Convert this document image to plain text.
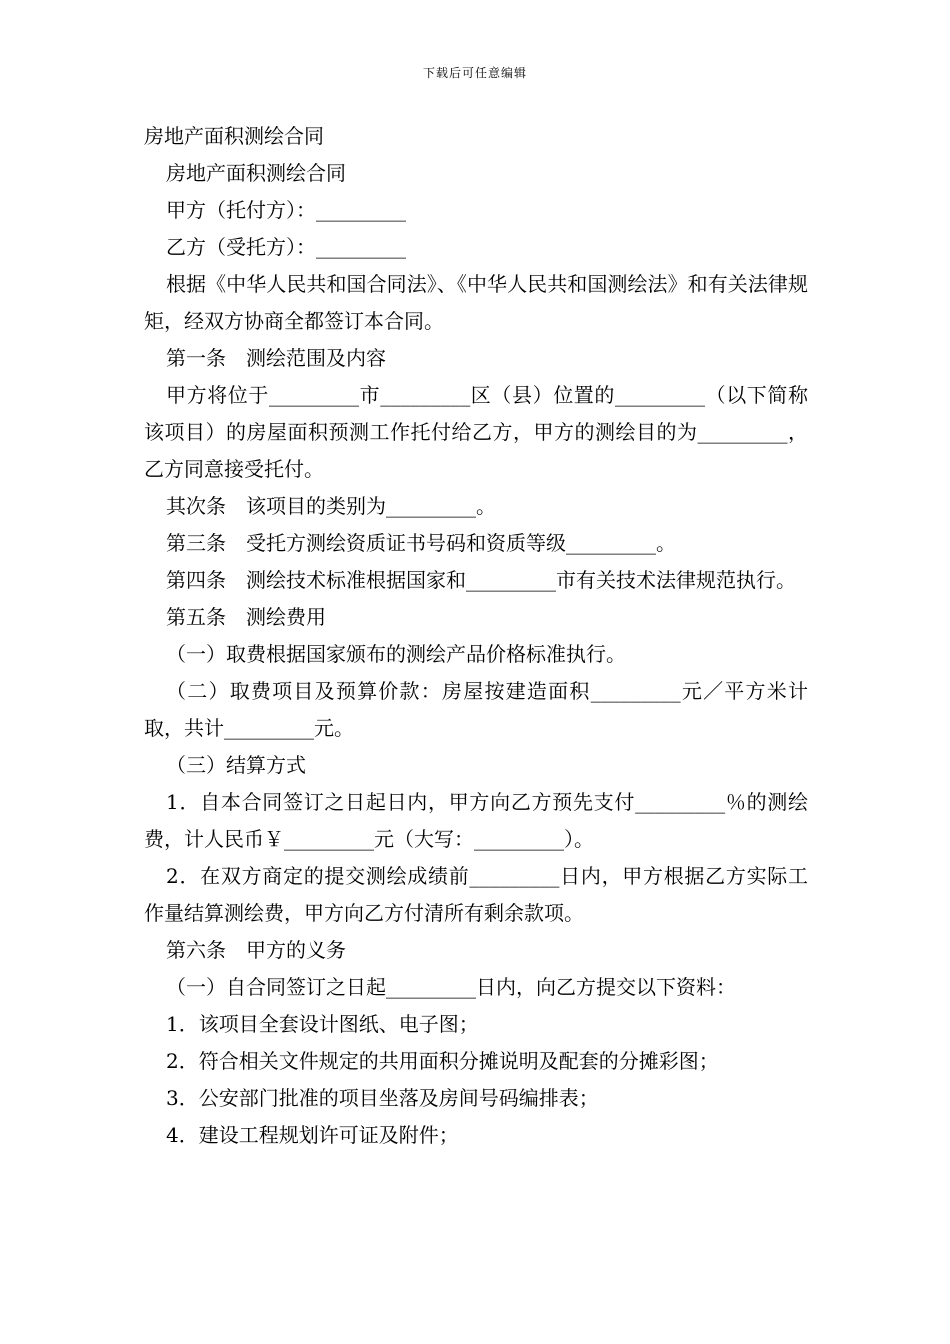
下载后可任意编辑

房地产面积测绘合同

房地产面积测绘合同

甲方（托付方）：_________

乙方（受托方）：_________

根据《中华人民共和国合同法》、《中华人民共和国测绘法》和有关法律规矩，经双方协商全都签订本合同。

第一条　测绘范围及内容

甲方将位于_________市_________区（县）位置的_________（以下简称该项目）的房屋面积预测工作托付给乙方，甲方的测绘目的为_________，乙方同意接受托付。

其次条　该项目的类别为_________。

第三条　受托方测绘资质证书号码和资质等级_________。

第四条　测绘技术标准根据国家和_________市有关技术法律规范执行。

第五条　测绘费用

（一）取费根据国家颁布的测绘产品价格标准执行。

（二）取费项目及预算价款：房屋按建造面积_________元／平方米计取，共计_________元。

（三）结算方式

1．自本合同签订之日起日内，甲方向乙方预先支付_________％的测绘费，计人民币￥_________元（大写：_________）。

2．在双方商定的提交测绘成绩前_________日内，甲方根据乙方实际工作量结算测绘费，甲方向乙方付清所有剩余款项。

第六条　甲方的义务

（一）自合同签订之日起_________日内，向乙方提交以下资料：

1．该项目全套设计图纸、电子图；

2．符合相关文件规定的共用面积分摊说明及配套的分摊彩图；

3．公安部门批准的项目坐落及房间号码编排表；

4．建设工程规划许可证及附件；
